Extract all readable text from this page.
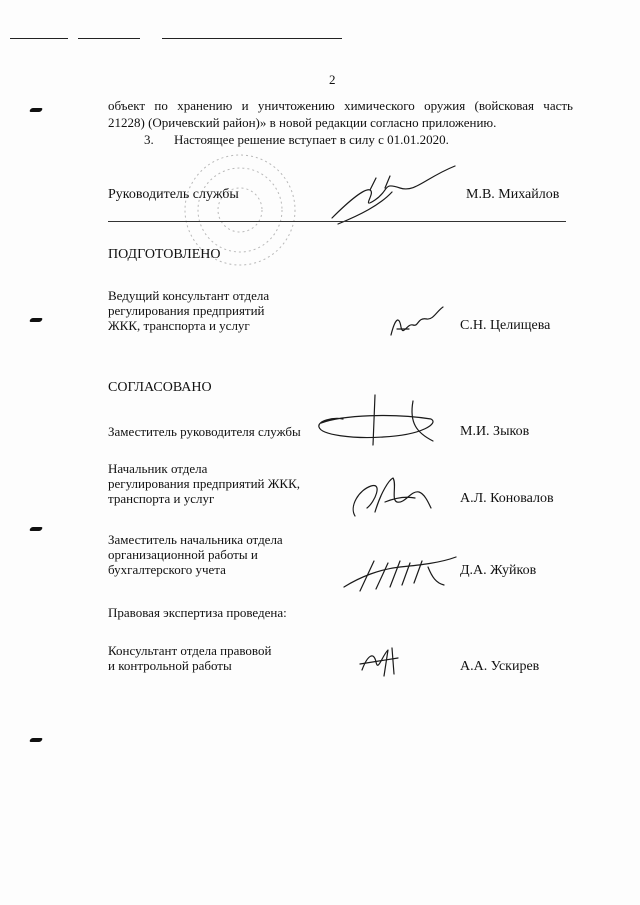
2
объект по хранению и уничтожению химического оружия (войсковая часть
21228) (Оричевский район)» в новой редакции согласно приложению.
3. Настоящее решение вступает в силу с 01.01.2020.
Руководитель службы	М.В. Михайлов
ПОДГОТОВЛЕНО
Ведущий консультант отдела
регулирования предприятий
ЖКК, транспорта и услуг	С.Н. Целищева
СОГЛАСОВАНО
Заместитель руководителя службы	М.И. Зыков
Начальник отдела
регулирования предприятий ЖКК,
транспорта и услуг	А.Л. Коновалов
Заместитель начальника отдела
организационной работы и
бухгалтерского учета	Д.А. Жуйков
Правовая экспертиза проведена:
Консультант отдела правовой
и контрольной работы	А.А. Ускирев
